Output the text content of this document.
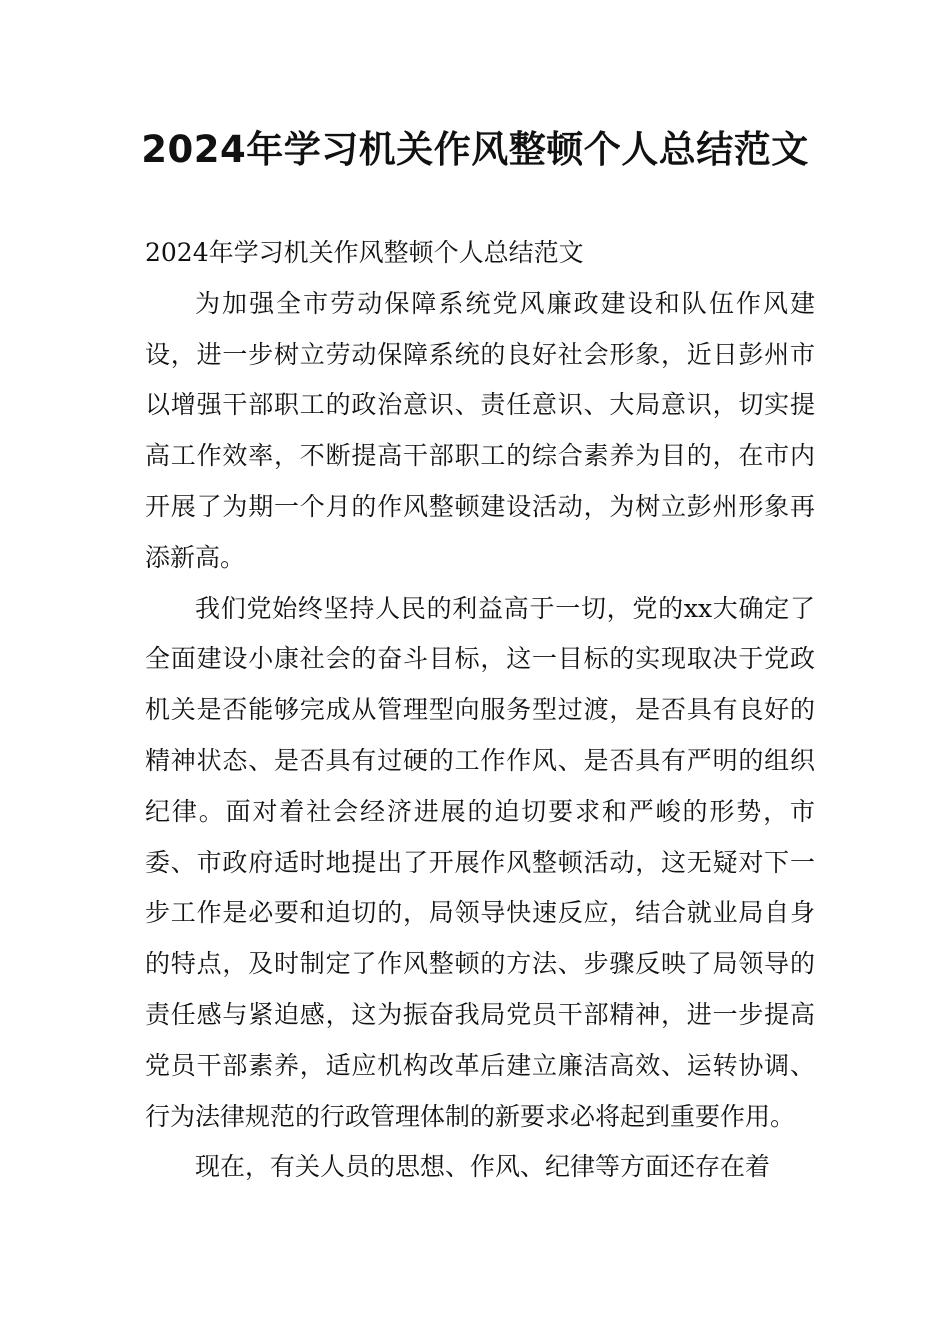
2024年学习机关作风整顿个人总结范文

2024年学习机关作风整顿个人总结范文

为加强全市劳动保障系统党风廉政建设和队伍作风建设，进一步树立劳动保障系统的良好社会形象，近日彭州市以增强干部职工的政治意识、责任意识、大局意识，切实提高工作效率，不断提高干部职工的综合素养为目的，在市内开展了为期一个月的作风整顿建设活动，为树立彭州形象再添新高。

我们党始终坚持人民的利益高于一切，党的xx大确定了全面建设小康社会的奋斗目标，这一目标的实现取决于党政机关是否能够完成从管理型向服务型过渡，是否具有良好的精神状态、是否具有过硬的工作作风、是否具有严明的组织纪律。面对着社会经济进展的迫切要求和严峻的形势，市委、市政府适时地提出了开展作风整顿活动，这无疑对下一步工作是必要和迫切的，局领导快速反应，结合就业局自身的特点，及时制定了作风整顿的方法、步骤反映了局领导的责任感与紧迫感，这为振奋我局党员干部精神，进一步提高党员干部素养，适应机构改革后建立廉洁高效、运转协调、行为法律规范的行政管理体制的新要求必将起到重要作用。

现在，有关人员的思想、作风、纪律等方面还存在着
